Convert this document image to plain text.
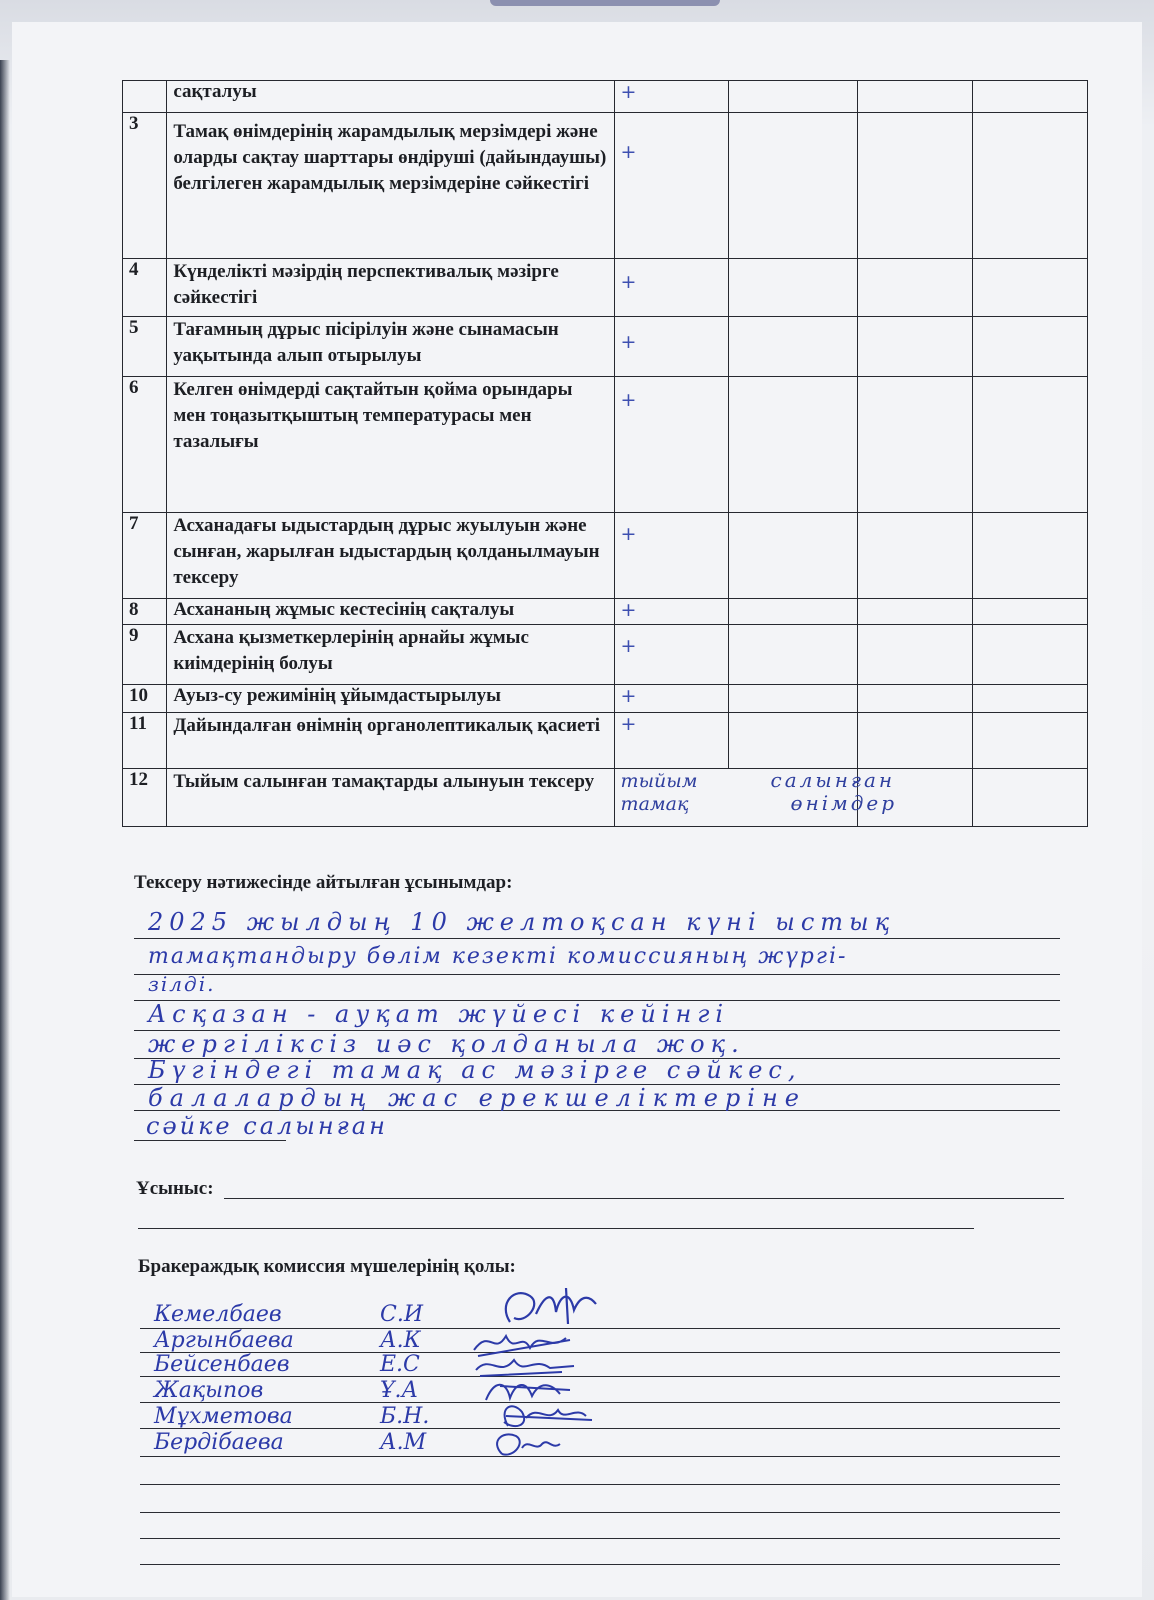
	сақталуы	+			
3	Тамақ өнімдерінің жарамдылық мерзімдері және оларды сақтау шарттары өндіруші (дайындаушы) белгілеген жарамдылық мерзімдеріне сәйкестігі	+			
4	Күнделікті мәзірдің перспективалық мәзірге сәйкестігі	+			
5	Тағамның дұрыс пісірілуін және сынамасын уақытында алып отырылуы	+			
6	Келген өнімдерді сақтайтын қойма орындары мен тоңазытқыштың температурасы мен тазалығы	+			
7	Асханадағы ыдыстардың дұрыс жуылуын және сынған, жарылған ыдыстардың қолданылмауын тексеру	+			
8	Асхананың жұмыс кестесінің сақталуы	+			
9	Асхана қызметкерлерінің арнайы жұмыс киімдерінің болуы	+			
10	Ауыз-су режимінің ұйымдастырылуы	+			
11	Дайындалған өнімнің органолептикалық қасиеті	+			
12	Тыйым салынған тамақтарды алынуын тексеру	тыйым салынған
тамақ өнімдер			
Тексеру нәтижесінде айтылған ұсынымдар:
2025 жылдың 10 желтоқсан күні ыстық
тамақтандыру бөлім кезекті комиссияның жүргі-
зілді.
Асқазан - ауқат жүйесі кейінгі
жергіліксіз иәс қолданыла жоқ.
Бүгіндегі тамақ ас мәзірге сәйкес,
балалардың жас ерекшеліктеріне
сәйке салынған
Ұсыныс:
Бракераждық комиссия мүшелерінің қолы:
Кемелбаев	С.И
Аргынбаева	А.К
Бейсенбаев	Е.С
Жақыпов	Ұ.А
Мұхметова	Б.Н.
Бердібаева	А.М
